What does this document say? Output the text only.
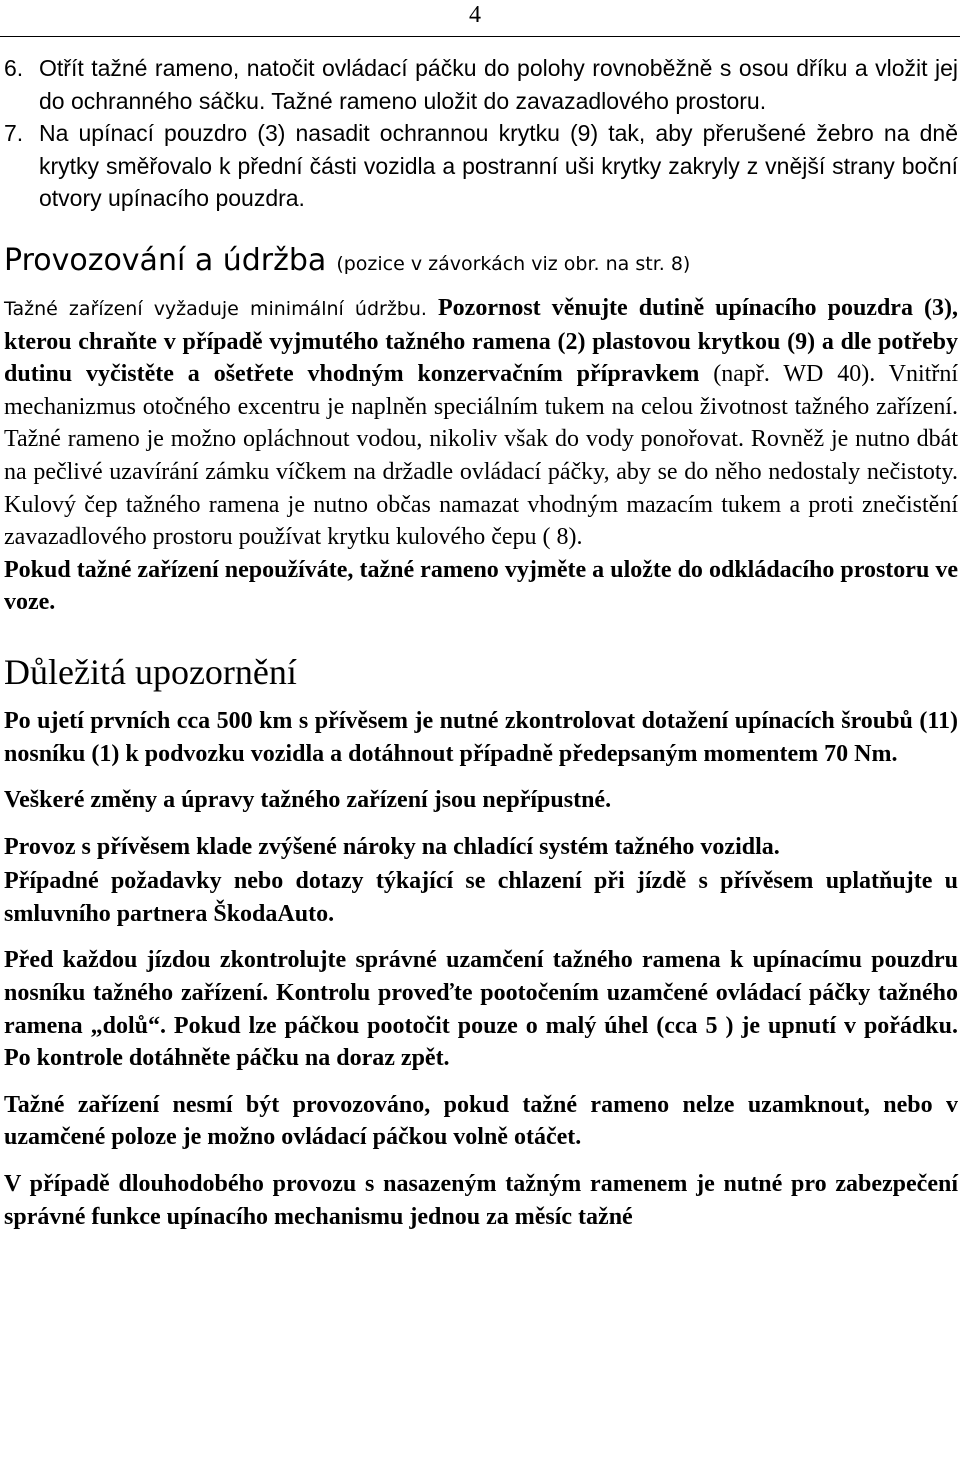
4
6. Otřít tažné rameno, natočit ovládací páčku do polohy rovnoběžně s osou dříku a vložit jej do ochranného sáčku. Tažné rameno uložit do zavazadlového prostoru.
7. Na upínací pouzdro (3) nasadit ochrannou krytku (9) tak, aby přerušené žebro na dně krytky směřovalo k přední části vozidla a postranní uši krytky zakryly z vnější strany boční otvory upínacího pouzdra.
Provozování a údržba (pozice v závorkách viz obr. na str. 8)

Tažné zařízení vyžaduje minimální údržbu. Pozornost věnujte dutině upínacího pouzdra (3), kterou chraňte v případě vyjmutého tažného ramena (2) plastovou krytkou (9) a dle potřeby dutinu vyčistěte a ošetřete vhodným konzervačním přípravkem (např. WD 40). Vnitřní mechanizmus otočného excentru je naplněn speciálním tukem na celou životnost tažného zařízení. Tažné rameno je možno opláchnout vodou, nikoliv však do vody ponořovat. Rovněž je nutno dbát na pečlivé uzavírání zámku víčkem na držadle ovládací páčky, aby se do něho nedostaly nečistoty. Kulový čep tažného ramena je nutno občas namazat vhodným mazacím tukem a proti znečistění zavazadlového prostoru používat krytku kulového čepu ( 8).

Pokud tažné zařízení nepoužíváte, tažné rameno vyjměte a uložte do odkládacího prostoru ve voze.

Důležitá upozornění

Po ujetí prvních cca 500 km s přívěsem je nutné zkontrolovat dotažení upínacích šroubů (11) nosníku (1) k podvozku vozidla a dotáhnout případně předepsaným momentem 70 Nm.

Veškeré změny a úpravy tažného zařízení jsou nepřípustné.

Provoz s přívěsem klade zvýšené nároky na chladící systém tažného vozidla.

Případné požadavky nebo dotazy týkající se chlazení při jízdě s přívěsem uplatňujte u smluvního partnera ŠkodaAuto.

Před každou jízdou zkontrolujte správné uzamčení tažného ramena k upínacímu pouzdru nosníku tažného zařízení. Kontrolu proveďte pootočením uzamčené ovládací páčky tažného ramena „dolů“. Pokud lze páčkou pootočit pouze o malý úhel (cca 5 ) je upnutí v pořádku. Po kontrole dotáhněte páčku na doraz zpět.

Tažné zařízení nesmí být provozováno, pokud tažné rameno nelze uzamknout, nebo v uzamčené poloze je možno ovládací páčkou volně otáčet.

V případě dlouhodobého provozu s nasazeným tažným ramenem je nutné pro zabezpečení správné funkce upínacího mechanismu jednou za měsíc tažné
